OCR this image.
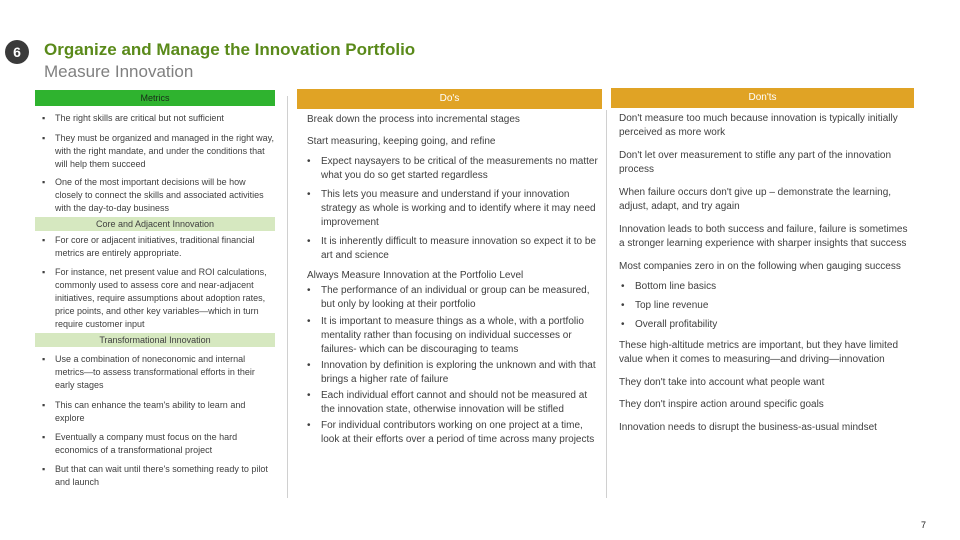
6	Organize and Manage the Innovation Portfolio
Measure Innovation
Metrics
▪ The right skills are critical but not sufficient
▪ They must be organized and managed in the right way, with the right mandate, and under the conditions that will help them succeed
▪ One of the most important decisions will be how closely to connect the skills and associated activities with the day-to-day business
Core and Adjacent Innovation
▪ For core or adjacent initiatives, traditional financial metrics are entirely appropriate.
▪ For instance, net present value and ROI calculations, commonly used to assess core and near-adjacent initiatives, require assumptions about adoption rates, price points, and other key variables—which in turn require customer input
Transformational Innovation
▪ Use a combination of noneconomic and internal metrics—to assess transformational efforts in their early stages
▪ This can enhance the team's ability to learn and explore
▪ Eventually a company must focus on the hard economics of a transformational project
▪ But that can wait until there's something ready to pilot and launch
Do's
Break down the process into incremental stages
Start measuring, keeping going, and refine
• Expect naysayers to be critical of the measurements no matter what you do so get started regardless
• This lets you measure and understand if your innovation strategy as whole is working and to identify where it may need improvement
• It is inherently difficult to measure innovation so expect it to be art and science
Always Measure Innovation at the Portfolio Level
• The performance of an individual or group can be measured, but only by looking at their portfolio
• It is important to measure things as a whole, with a portfolio mentality rather than focusing on individual successes or failures- which can be discouraging to teams
• Innovation by definition is exploring the unknown and with that brings a higher rate of failure
• Each individual effort cannot and should not be measured at the innovation state, otherwise innovation will be stifled
• For individual contributors working on one project at a time, look at their efforts over a period of time across many projects
Don'ts
Don't measure too much because innovation is typically initially perceived as more work
Don't let over measurement to stifle any part of the innovation process
When failure occurs don't give up – demonstrate the learning, adjust, adapt, and try again
Innovation leads to both success and failure, failure is sometimes a stronger learning experience with sharper insights that success
Most companies zero in on the following when gauging success
• Bottom line basics
• Top line revenue
• Overall profitability
These high-altitude metrics are important, but they have limited value when it comes to measuring—and driving—innovation
They don't take into account what people want
They don't inspire action around specific goals
Innovation needs to disrupt the business-as-usual mindset
7
